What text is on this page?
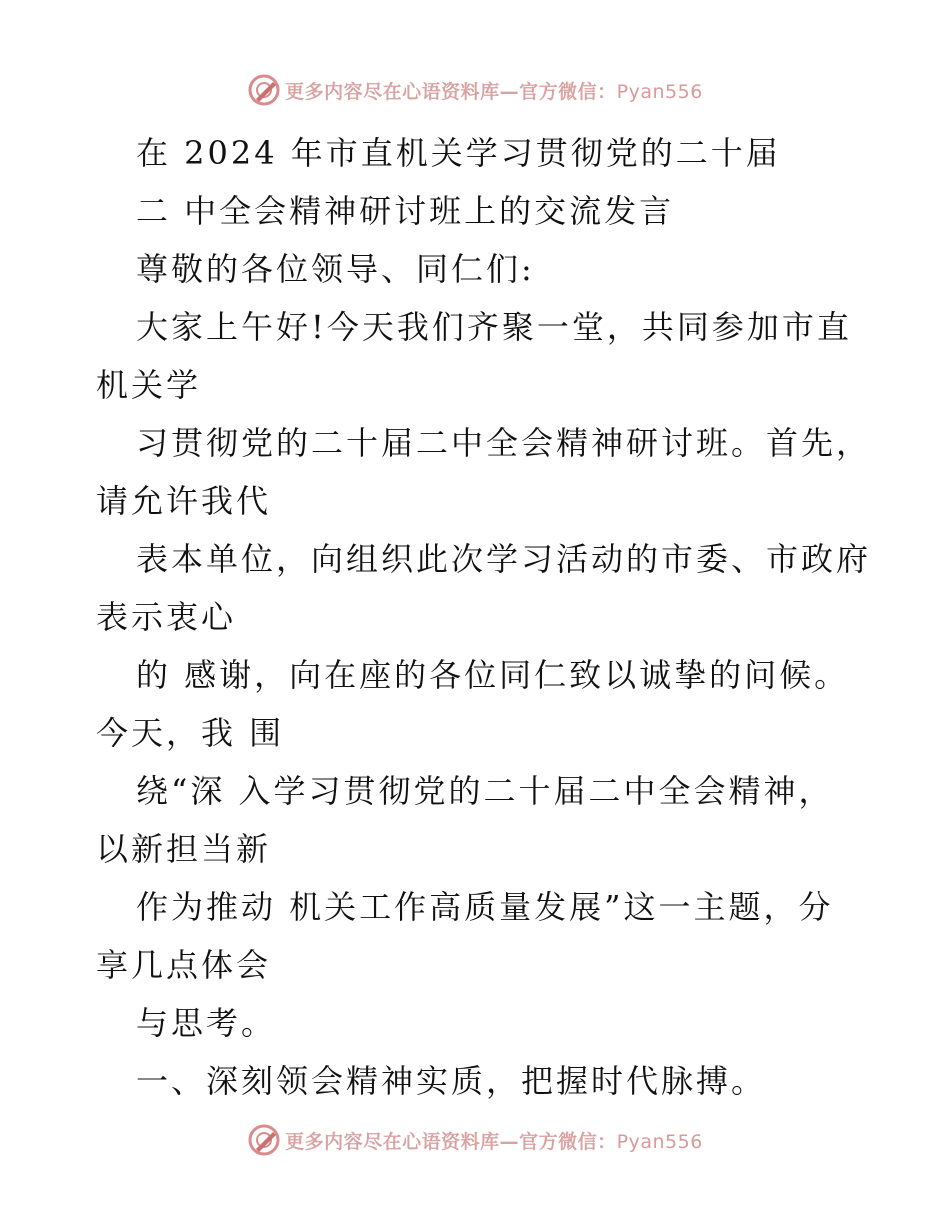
更多内容尽在心语资料库—官方微信：Pyan556
在 2024 年市直机关学习贯彻党的二十届
二 中全会精神研讨班上的交流发言
尊敬的各位领导、同仁们:
大家上午好!今天我们齐聚一堂，共同参加市直
机关学
习贯彻党的二十届二中全会精神研讨班。首先，
请允许我代
表本单位，向组织此次学习活动的市委、市政府
表示衷心
的 感谢，向在座的各位同仁致以诚挚的问候。
今天，我 围
绕“深 入学习贯彻党的二十届二中全会精神，
以新担当新
作为推动 机关工作高质量发展”这一主题，分
享几点体会
与思考。
一、深刻领会精神实质，把握时代脉搏。
更多内容尽在心语资料库—官方微信：Pyan556
